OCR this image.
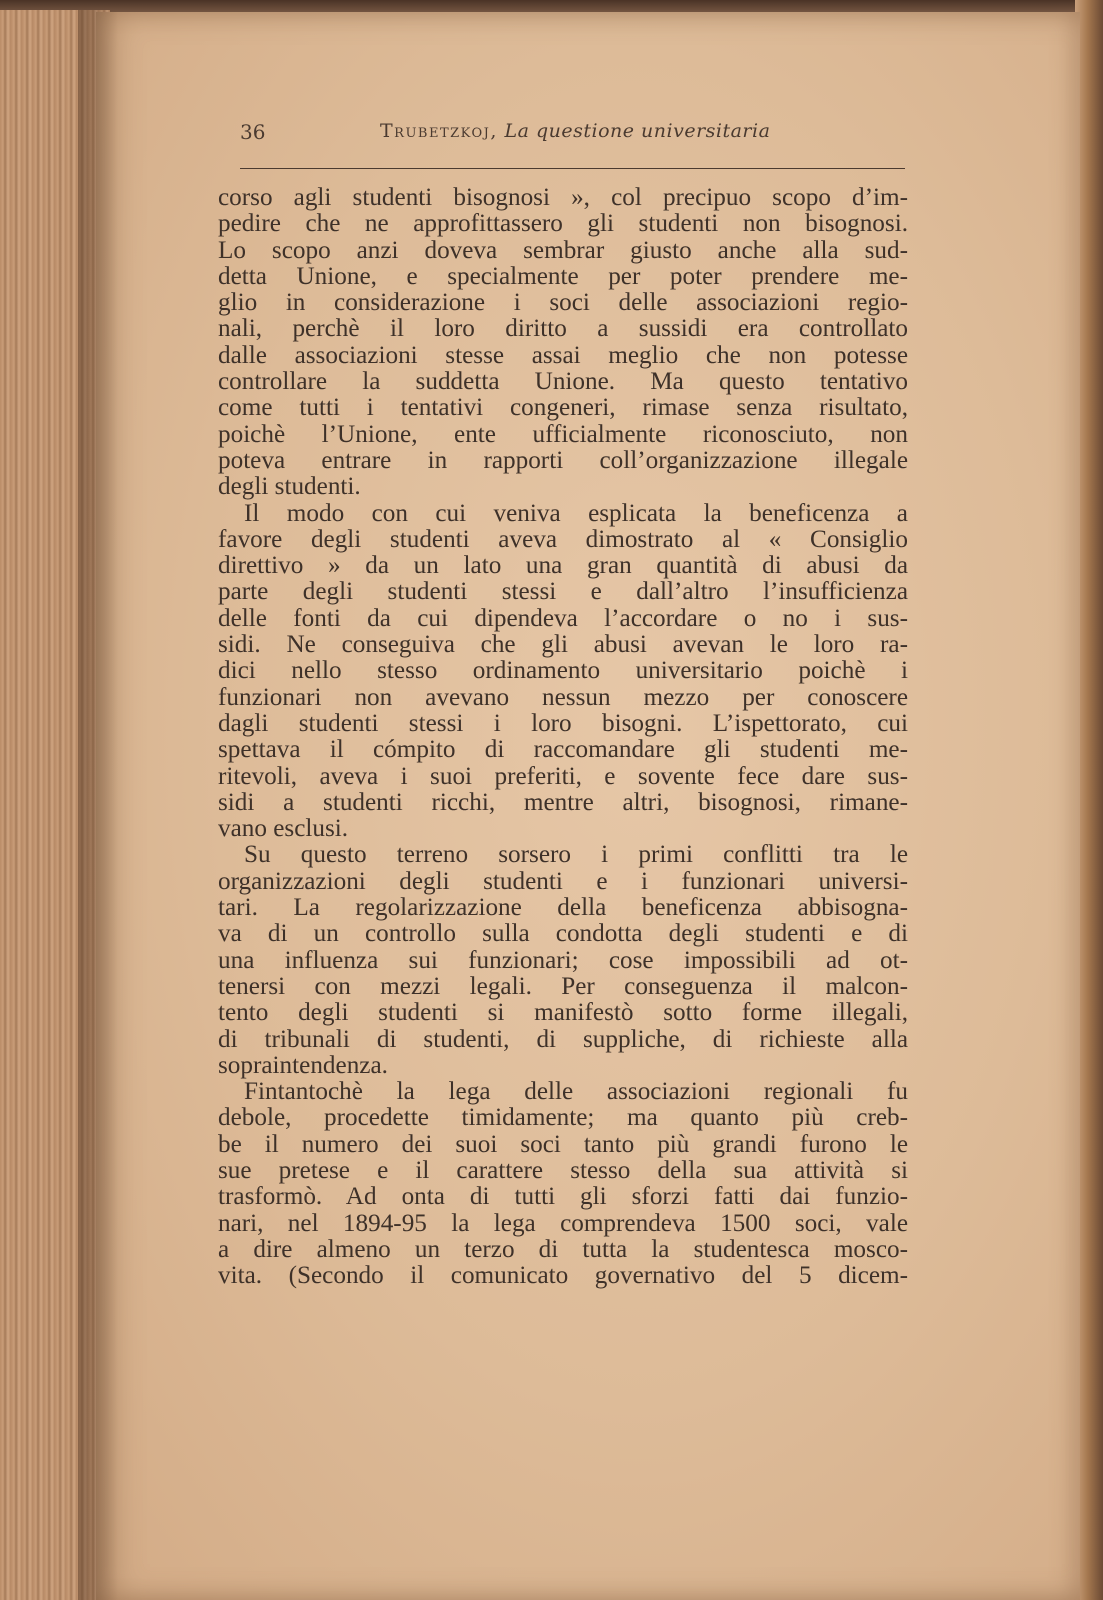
36	Trubetzkoj, La questione universitaria
corso agli studenti bisognosi », col precipuo scopo d’im-
pedire che ne approfittassero gli studenti non bisognosi.
Lo scopo anzi doveva sembrar giusto anche alla sud-
detta Unione, e specialmente per poter prendere me-
glio in considerazione i soci delle associazioni regio-
nali, perchè il loro diritto a sussidi era controllato
dalle associazioni stesse assai meglio che non potesse
controllare la suddetta Unione. Ma questo tentativo
come tutti i tentativi congeneri, rimase senza risultato,
poichè l’Unione, ente ufficialmente riconosciuto, non
poteva entrare in rapporti coll’organizzazione illegale
degli studenti.
Il modo con cui veniva esplicata la beneficenza a
favore degli studenti aveva dimostrato al « Consiglio
direttivo » da un lato una gran quantità di abusi da
parte degli studenti stessi e dall’altro l’insufficienza
delle fonti da cui dipendeva l’accordare o no i sus-
sidi. Ne conseguiva che gli abusi avevan le loro ra-
dici nello stesso ordinamento universitario poichè i
funzionari non avevano nessun mezzo per conoscere
dagli studenti stessi i loro bisogni. L’ispettorato, cui
spettava il cómpito di raccomandare gli studenti me-
ritevoli, aveva i suoi preferiti, e sovente fece dare sus-
sidi a studenti ricchi, mentre altri, bisognosi, rimane-
vano esclusi.
Su questo terreno sorsero i primi conflitti tra le
organizzazioni degli studenti e i funzionari universi-
tari. La regolarizzazione della beneficenza abbisogna-
va di un controllo sulla condotta degli studenti e di
una influenza sui funzionari; cose impossibili ad ot-
tenersi con mezzi legali. Per conseguenza il malcon-
tento degli studenti si manifestò sotto forme illegali,
di tribunali di studenti, di suppliche, di richieste alla
sopraintendenza.
Fintantochè la lega delle associazioni regionali fu
debole, procedette timidamente; ma quanto più creb-
be il numero dei suoi soci tanto più grandi furono le
sue pretese e il carattere stesso della sua attività si
trasformò. Ad onta di tutti gli sforzi fatti dai funzio-
nari, nel 1894-95 la lega comprendeva 1500 soci, vale
a dire almeno un terzo di tutta la studentesca mosco-
vita. (Secondo il comunicato governativo del 5 dicem-
